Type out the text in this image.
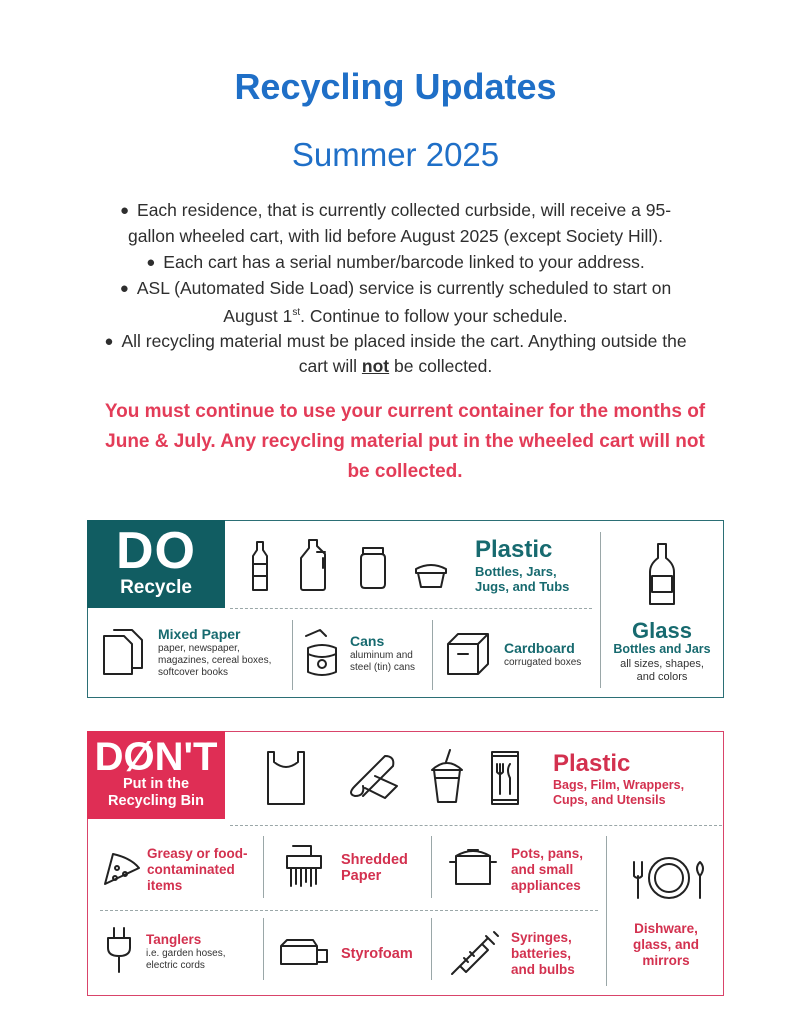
Recycling Updates
Summer 2025
● Each residence, that is currently collected curbside, will receive a 95-
gallon wheeled cart, with lid before August 2025 (except Society Hill).
● Each cart has a serial number/barcode linked to your address.
● ASL (Automated Side Load) service is currently scheduled to start on
August 1st. Continue to follow your schedule.
● All recycling material must be placed inside the cart. Anything outside the
cart will not be collected.
You must continue to use your current container for the months of
June & July. Any recycling material put in the wheeled cart will not
be collected.
DO
Recycle
Plastic
Bottles, Jars,
Jugs, and Tubs
Glass
Bottles and Jars
all sizes, shapes,
and colors
Mixed Paper
paper, newspaper,
magazines, cereal boxes,
softcover books
Cans
aluminum and
steel (tin) cans
Cardboard
corrugated boxes
DØN'T
Put in the
Recycling Bin
Plastic
Bags, Film, Wrappers,
Cups, and Utensils
Greasy or food-
contaminated
items
Shredded
Paper
Pots, pans,
and small
appliances
Dishware,
glass, and
mirrors
Tanglers
i.e. garden hoses,
electric cords
Styrofoam
Syringes,
batteries,
and bulbs
